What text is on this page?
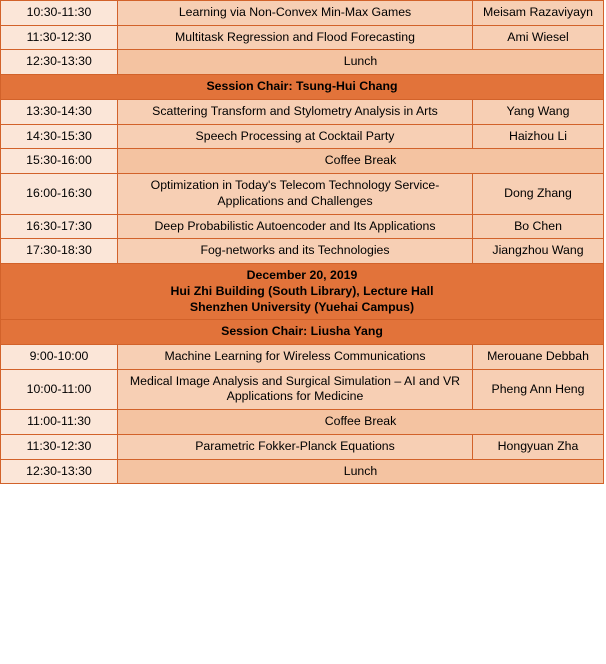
10:30-11:30	Learning via Non-Convex Min-Max Games	Meisam Razaviyayn
11:30-12:30	Multitask Regression and Flood Forecasting	Ami Wiesel
12:30-13:30	Lunch	
Session Chair: Tsung-Hui Chang		
13:30-14:30	Scattering Transform and Stylometry Analysis in Arts	Yang Wang
14:30-15:30	Speech Processing at Cocktail Party	Haizhou Li
15:30-16:00	Coffee Break	
16:00-16:30	Optimization in Today's Telecom Technology Service- Applications and Challenges	Dong Zhang
16:30-17:30	Deep Probabilistic Autoencoder and Its Applications	Bo Chen
17:30-18:30	Fog-networks and its Technologies	Jiangzhou Wang

December 20, 2019
Hui Zhi Building (South Library), Lecture Hall
Shenzhen University (Yuehai Campus)		

Session Chair: Liusha Yang		
9:00-10:00	Machine Learning for Wireless Communications	Merouane Debbah
10:00-11:00	Medical Image Analysis and Surgical Simulation – AI and VR Applications for Medicine	Pheng Ann Heng
11:00-11:30	Coffee Break	
11:30-12:30	Parametric Fokker-Planck Equations	Hongyuan Zha
12:30-13:30	Lunch	
